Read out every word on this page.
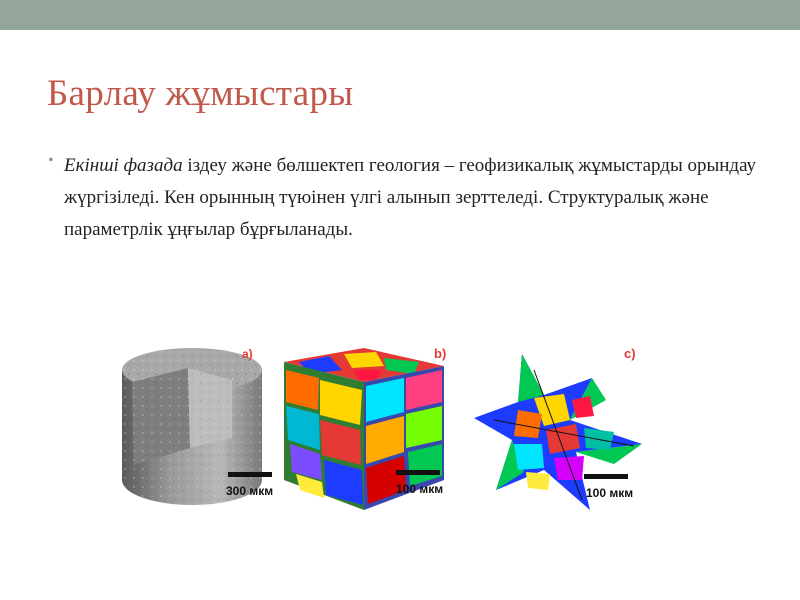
Барлау жұмыстары
• Екінші фазада іздеу және бөлшектеп геология – геофизикалық жұмыстарды орындау жүргізіледі. Кен орынның түюінен үлгі алынып зерттеледі. Структуралық және параметрлік ұңғылар бұрғыланады.

a)
300 мкм
b)
100 мкм
c)
100 мкм
